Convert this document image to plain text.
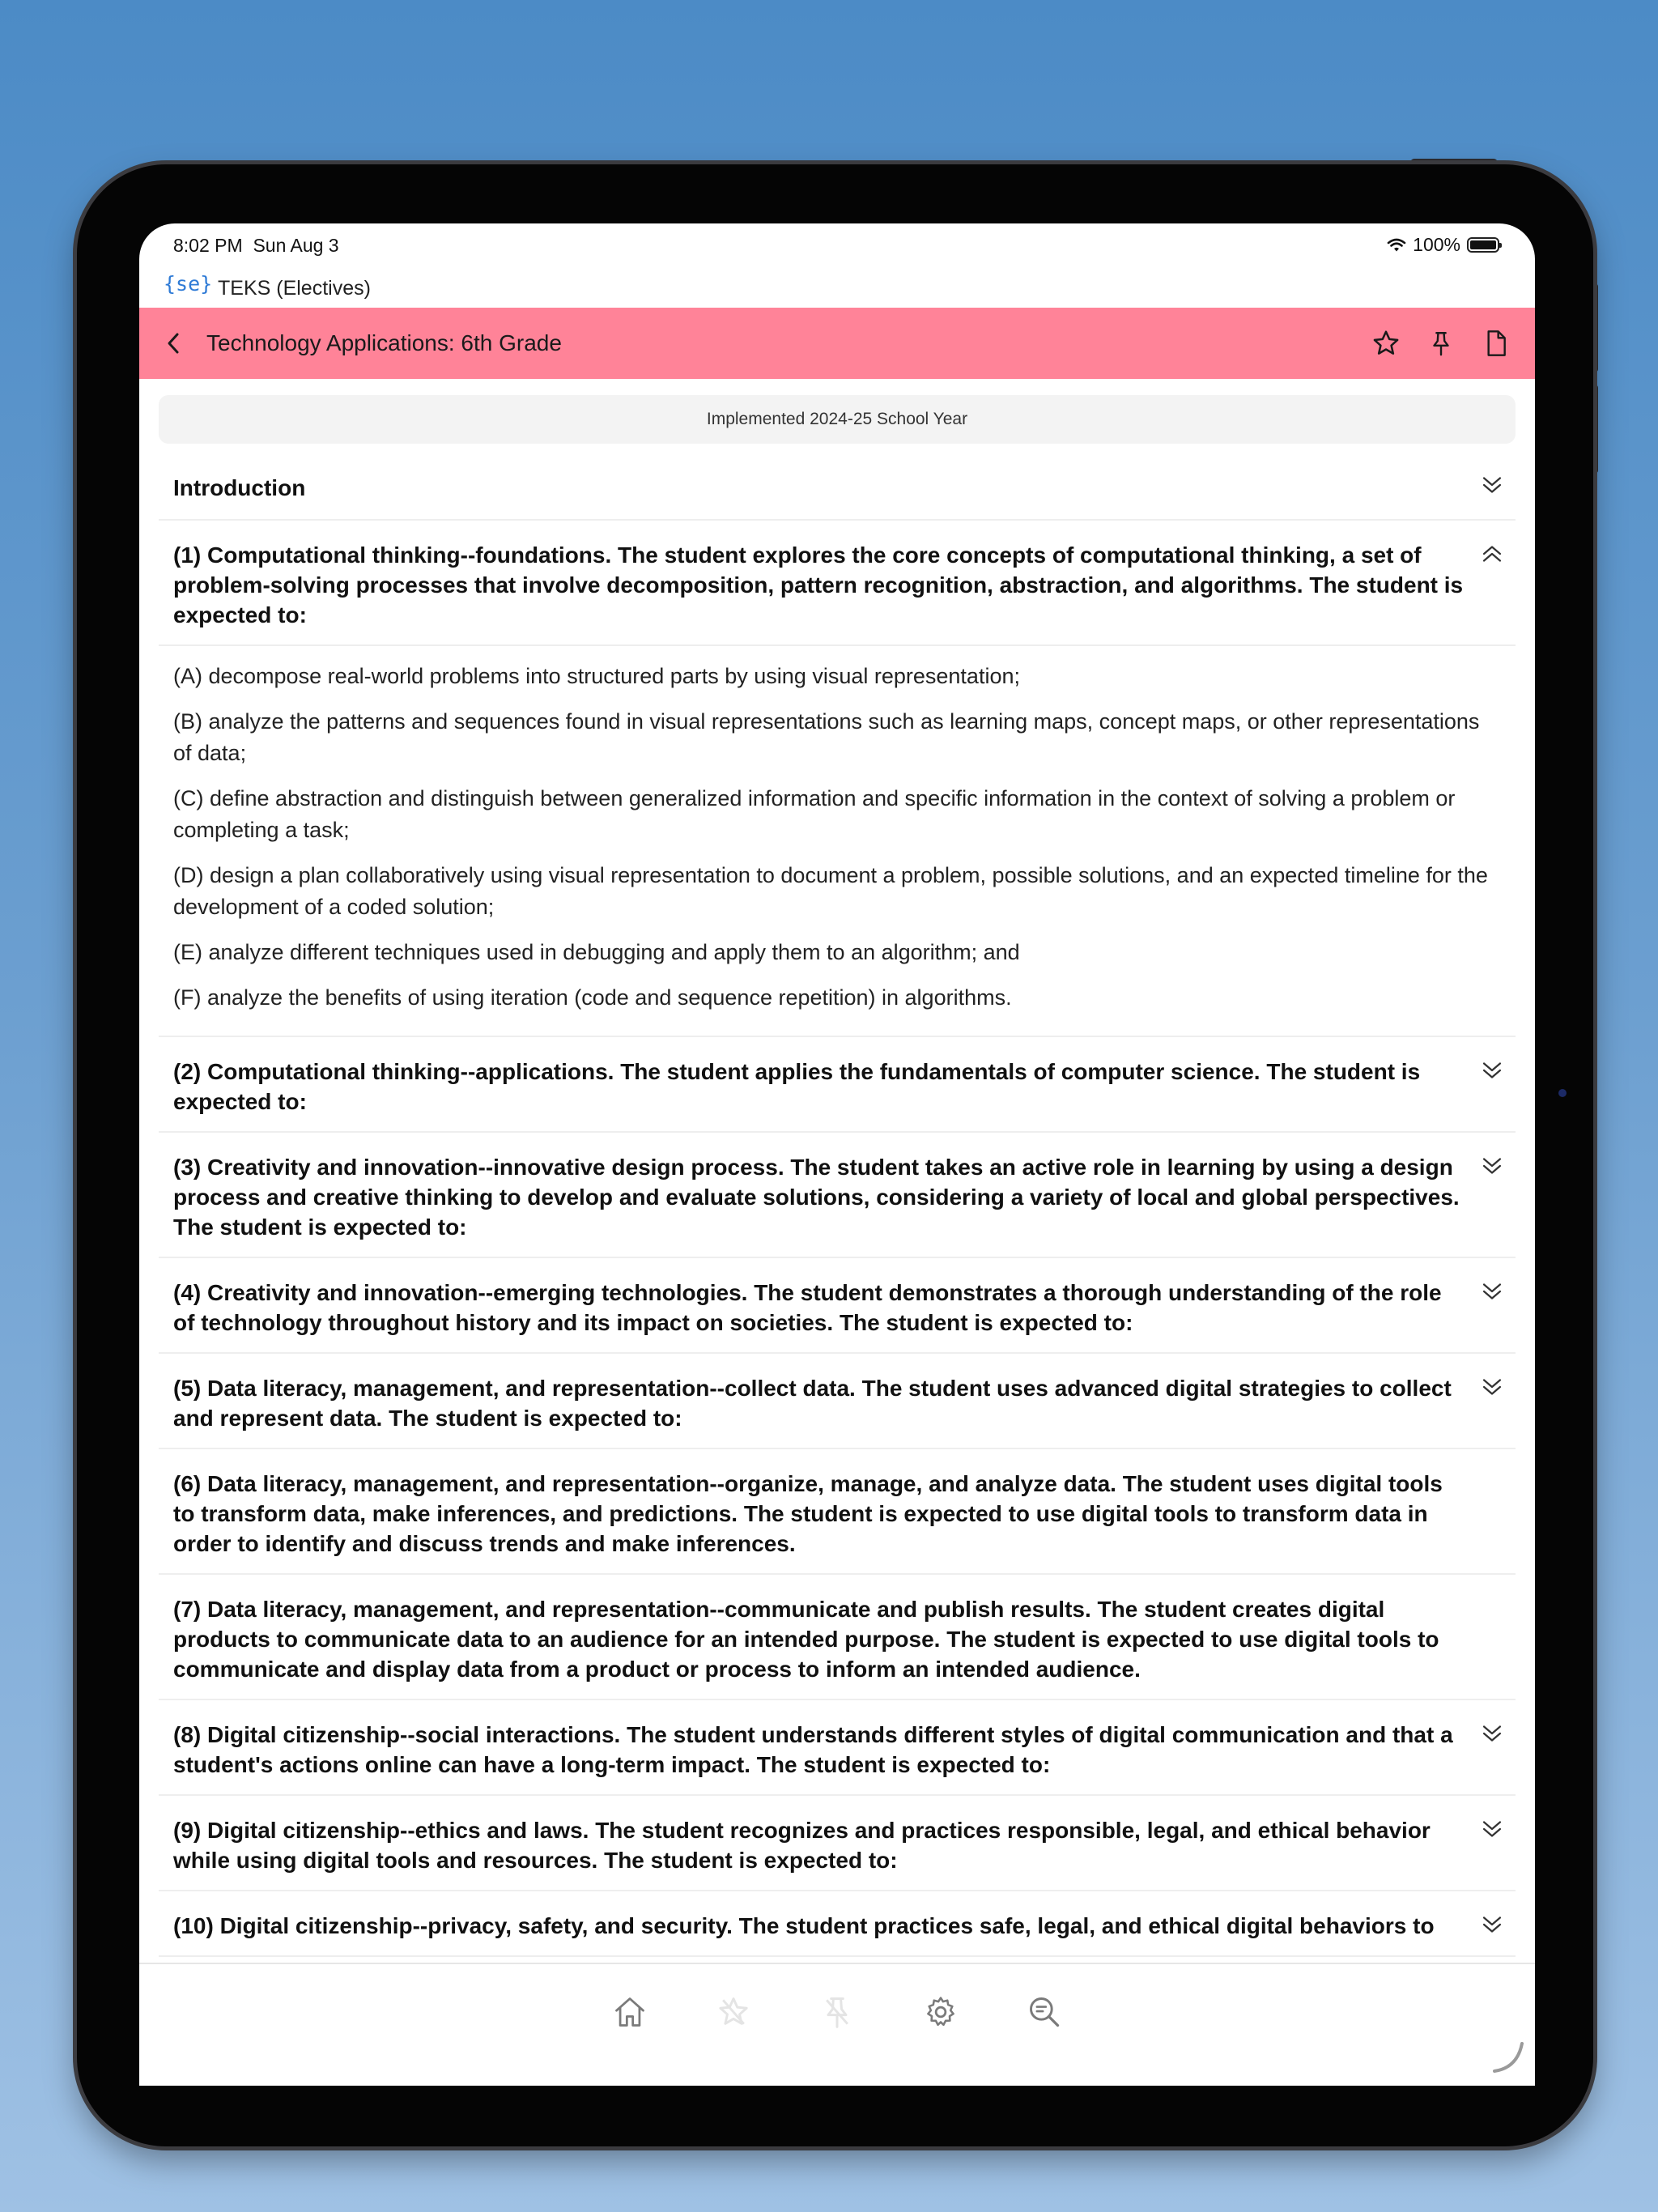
8:02 PM Sun Aug 3	100%
{se} TEKS (Electives)
Technology Applications: 6th Grade
Implemented 2024-25 School Year
Introduction
(1) Computational thinking--foundations. The student explores the core concepts of computational thinking, a set of problem-solving processes that involve decomposition, pattern recognition, abstraction, and algorithms. The student is expected to:
(A) decompose real-world problems into structured parts by using visual representation;
(B) analyze the patterns and sequences found in visual representations such as learning maps, concept maps, or other representations of data;
(C) define abstraction and distinguish between generalized information and specific information in the context of solving a problem or completing a task;
(D) design a plan collaboratively using visual representation to document a problem, possible solutions, and an expected timeline for the development of a coded solution;
(E) analyze different techniques used in debugging and apply them to an algorithm; and
(F) analyze the benefits of using iteration (code and sequence repetition) in algorithms.
(2) Computational thinking--applications. The student applies the fundamentals of computer science. The student is expected to:
(3) Creativity and innovation--innovative design process. The student takes an active role in learning by using a design process and creative thinking to develop and evaluate solutions, considering a variety of local and global perspectives. The student is expected to:
(4) Creativity and innovation--emerging technologies. The student demonstrates a thorough understanding of the role of technology throughout history and its impact on societies. The student is expected to:
(5) Data literacy, management, and representation--collect data. The student uses advanced digital strategies to collect and represent data. The student is expected to:
(6) Data literacy, management, and representation--organize, manage, and analyze data. The student uses digital tools to transform data, make inferences, and predictions. The student is expected to use digital tools to transform data in order to identify and discuss trends and make inferences.
(7) Data literacy, management, and representation--communicate and publish results. The student creates digital products to communicate data to an audience for an intended purpose. The student is expected to use digital tools to communicate and display data from a product or process to inform an intended audience.
(8) Digital citizenship--social interactions. The student understands different styles of digital communication and that a student's actions online can have a long-term impact. The student is expected to:
(9) Digital citizenship--ethics and laws. The student recognizes and practices responsible, legal, and ethical behavior while using digital tools and resources. The student is expected to:
(10) Digital citizenship--privacy, safety, and security. The student practices safe, legal, and ethical digital behaviors to
